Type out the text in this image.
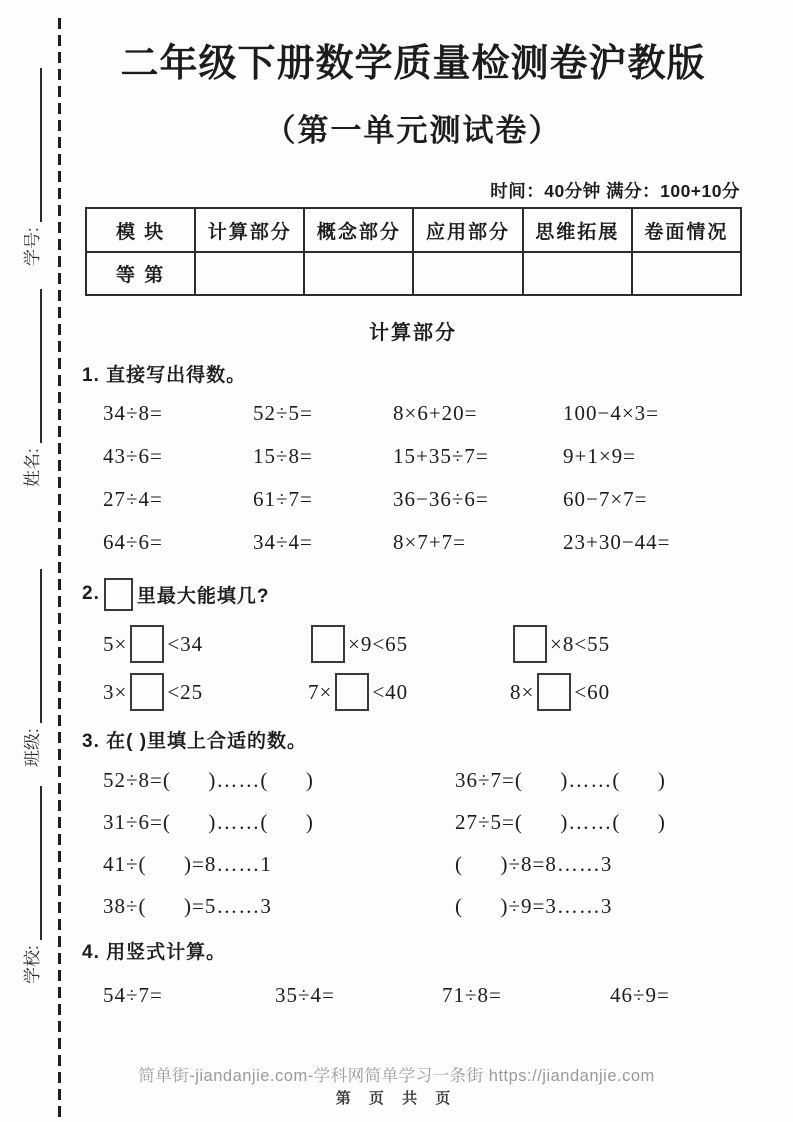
学号:
姓名:
班级:
学校:
二年级下册数学质量检测卷沪教版
（第一单元测试卷）
时间：40分钟 满分：100+10分
模 块	计算部分	概念部分	应用部分	思维拓展	卷面情况
等 第					
计算部分
1. 直接写出得数。
34÷8=	52÷5=	8×6+20=	100−4×3=
43÷6=	15÷8=	15+35÷7=	9+1×9=
27÷4=	61÷7=	36−36÷6=	60−7×7=
64÷6=	34÷4=	8×7+7=	23+30−44=
2. 里最大能填几?
5× <34	×9<65	×8<55
3× <25	7× <40	8× <60
3. 在( )里填上合适的数。
52÷8=(      )……(      )	36÷7=(      )……(      )
31÷6=(      )……(      )	27÷5=(      )……(      )
41÷(      )=8……1	(      )÷8=8……3
38÷(      )=5……3	(      )÷9=3……3
4. 用竖式计算。
54÷7=	35÷4=	71÷8=	46÷9=
简单街-jiandanjie.com-学科网简单学习一条街 https://jiandanjie.com
第 页 共 页
